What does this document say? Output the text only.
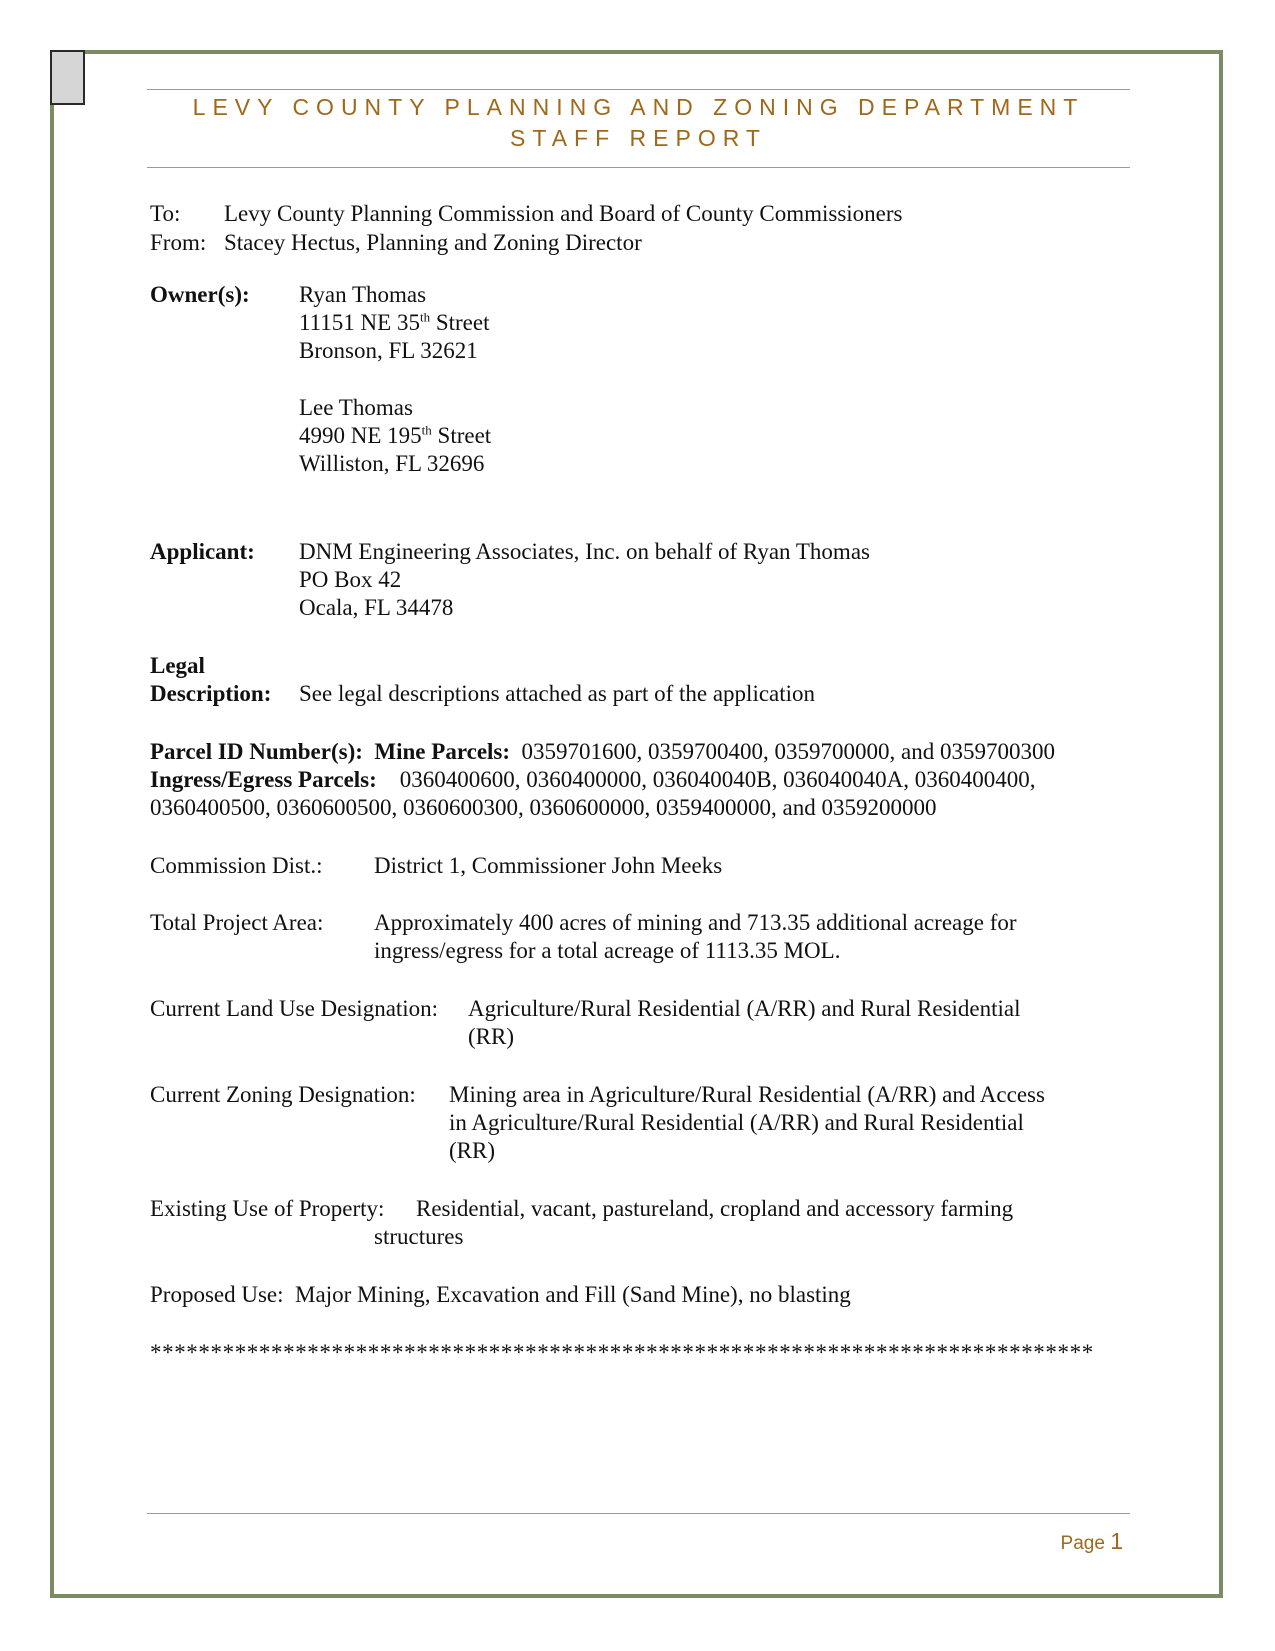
LEVY COUNTY PLANNING AND ZONING DEPARTMENT
STAFF REPORT
To: Levy County Planning Commission and Board of County Commissioners
From: Stacey Hectus, Planning and Zoning Director
Owner(s): Ryan Thomas
11151 NE 35th Street
Bronson, FL 32621
Lee Thomas
4990 NE 195th Street
Williston, FL 32696
Applicant: DNM Engineering Associates, Inc. on behalf of Ryan Thomas
PO Box 42
Ocala, FL 34478
Legal
Description: See legal descriptions attached as part of the application
Parcel ID Number(s): Mine Parcels: 0359701600, 0359700400, 0359700000, and 0359700300
Ingress/Egress Parcels: 0360400600, 0360400000, 036040040B, 036040040A, 0360400400,
0360400500, 0360600500, 0360600300, 0360600000, 0359400000, and 0359200000
Commission Dist.: District 1, Commissioner John Meeks
Total Project Area: Approximately 400 acres of mining and 713.35 additional acreage for
ingress/egress for a total acreage of 1113.35 MOL.
Current Land Use Designation: Agriculture/Rural Residential (A/RR) and Rural Residential
(RR)
Current Zoning Designation: Mining area in Agriculture/Rural Residential (A/RR) and Access
in Agriculture/Rural Residential (A/RR) and Rural Residential
(RR)
Existing Use of Property: Residential, vacant, pastureland, cropland and accessory farming
structures
Proposed Use: Major Mining, Excavation and Fill (Sand Mine), no blasting
******************************************************************************
Page 1
